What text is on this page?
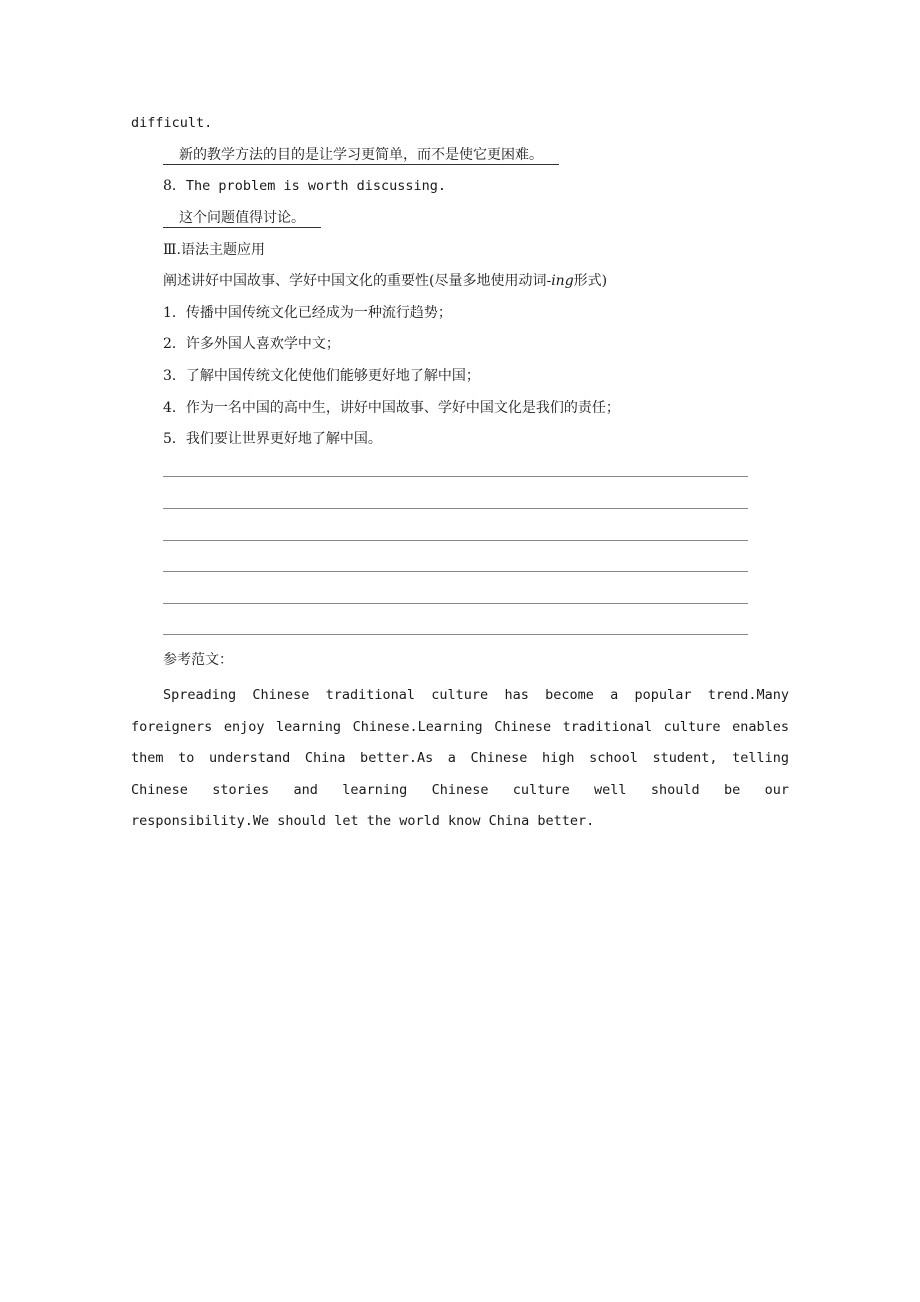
difficult.
新的教学方法的目的是让学习更简单，而不是使它更困难。
8．The problem is worth discussing.
这个问题值得讨论。
Ⅲ.语法主题应用
阐述讲好中国故事、学好中国文化的重要性(尽量多地使用动词-ing形式)
1．传播中国传统文化已经成为一种流行趋势；
2．许多外国人喜欢学中文；
3．了解中国传统文化使他们能够更好地了解中国；
4．作为一名中国的高中生，讲好中国故事、学好中国文化是我们的责任；
5．我们要让世界更好地了解中国。
参考范文：
Spreading Chinese traditional culture has become a popular trend.Many foreigners enjoy learning Chinese.Learning Chinese traditional culture enables them to understand China better.As a Chinese high school student, telling Chinese stories and learning Chinese culture well should be our responsibility.We should let the world know China better.
